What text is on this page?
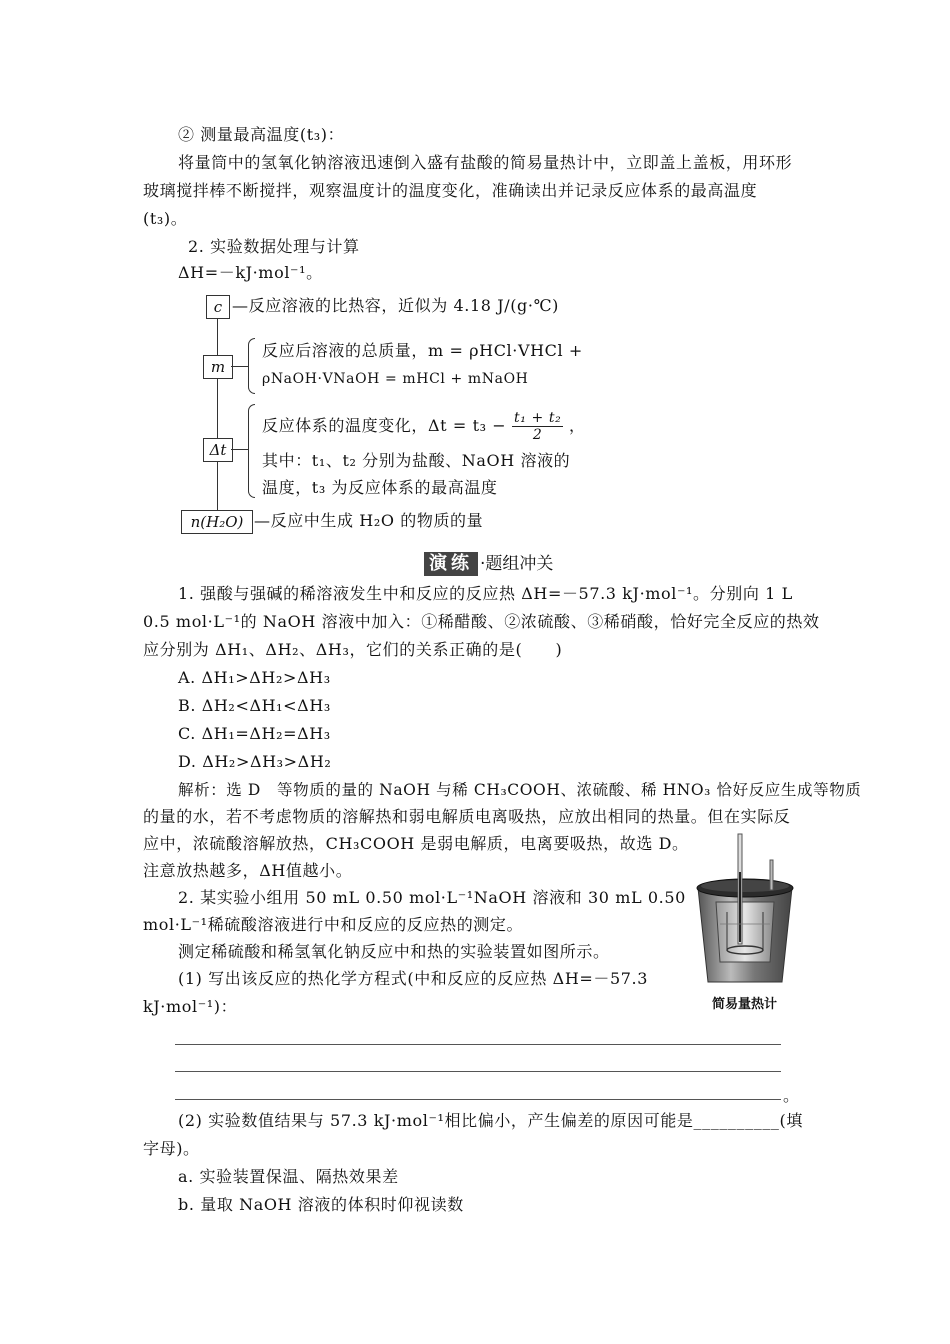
② 测量最高温度(t₃)：
将量筒中的氢氧化钠溶液迅速倒入盛有盐酸的简易量热计中，立即盖上盖板，用环形
玻璃搅拌棒不断搅拌，观察温度计的温度变化，准确读出并记录反应体系的最高温度
(t₃)。
2. 实验数据处理与计算
ΔH=－kJ·mol⁻¹。
c —反应溶液的比热容，近似为 4.18 J/(g·℃)
m
反应后溶液的总质量，m = ρHCl·VHCl +
ρNaOH·VNaOH = mHCl + mNaOH
Δt
反应体系的温度变化，$\Delta t = t_3 - \frac{\text{t₁ + t₂}}{2}$ ，
其中：t₁、t₂ 分别为盐酸、NaOH 溶液的
温度，t₃ 为反应体系的最高温度
n(H₂O) —反应中生成 H₂O 的物质的量
演练 ·题组冲关
1. 强酸与强碱的稀溶液发生中和反应的反应热 ΔH=－57.3 kJ·mol⁻¹。分别向 1 L
0.5 mol·L⁻¹的 NaOH 溶液中加入：①稀醋酸、②浓硫酸、③稀硝酸，恰好完全反应的热效
应分别为 ΔH₁、ΔH₂、ΔH₃，它们的关系正确的是(　　)
A. ΔH₁>ΔH₂>ΔH₃
B. ΔH₂<ΔH₁<ΔH₃
C. ΔH₁=ΔH₂=ΔH₃
D. ΔH₂>ΔH₃>ΔH₂
解析：选 D　等物质的量的 NaOH 与稀 CH₃COOH、浓硫酸、稀 HNO₃ 恰好反应生成等物质
的量的水，若不考虑物质的溶解热和弱电解质电离吸热，应放出相同的热量。但在实际反
应中，浓硫酸溶解放热，CH₃COOH 是弱电解质，电离要吸热，故选 D。
注意放热越多，ΔH值越小。
2. 某实验小组用 50 mL 0.50 mol·L⁻¹NaOH 溶液和 30 mL 0.50
mol·L⁻¹稀硫酸溶液进行中和反应的反应热的测定。
测定稀硫酸和稀氢氧化钠反应中和热的实验装置如图所示。
(1) 写出该反应的热化学方程式(中和反应的反应热 ΔH=－57.3
kJ·mol⁻¹)：
。
(2) 实验数值结果与 57.3 kJ·mol⁻¹相比偏小，产生偏差的原因可能是__________(填
字母)。
a. 实验装置保温、隔热效果差
b. 量取 NaOH 溶液的体积时仰视读数
简易量热计
